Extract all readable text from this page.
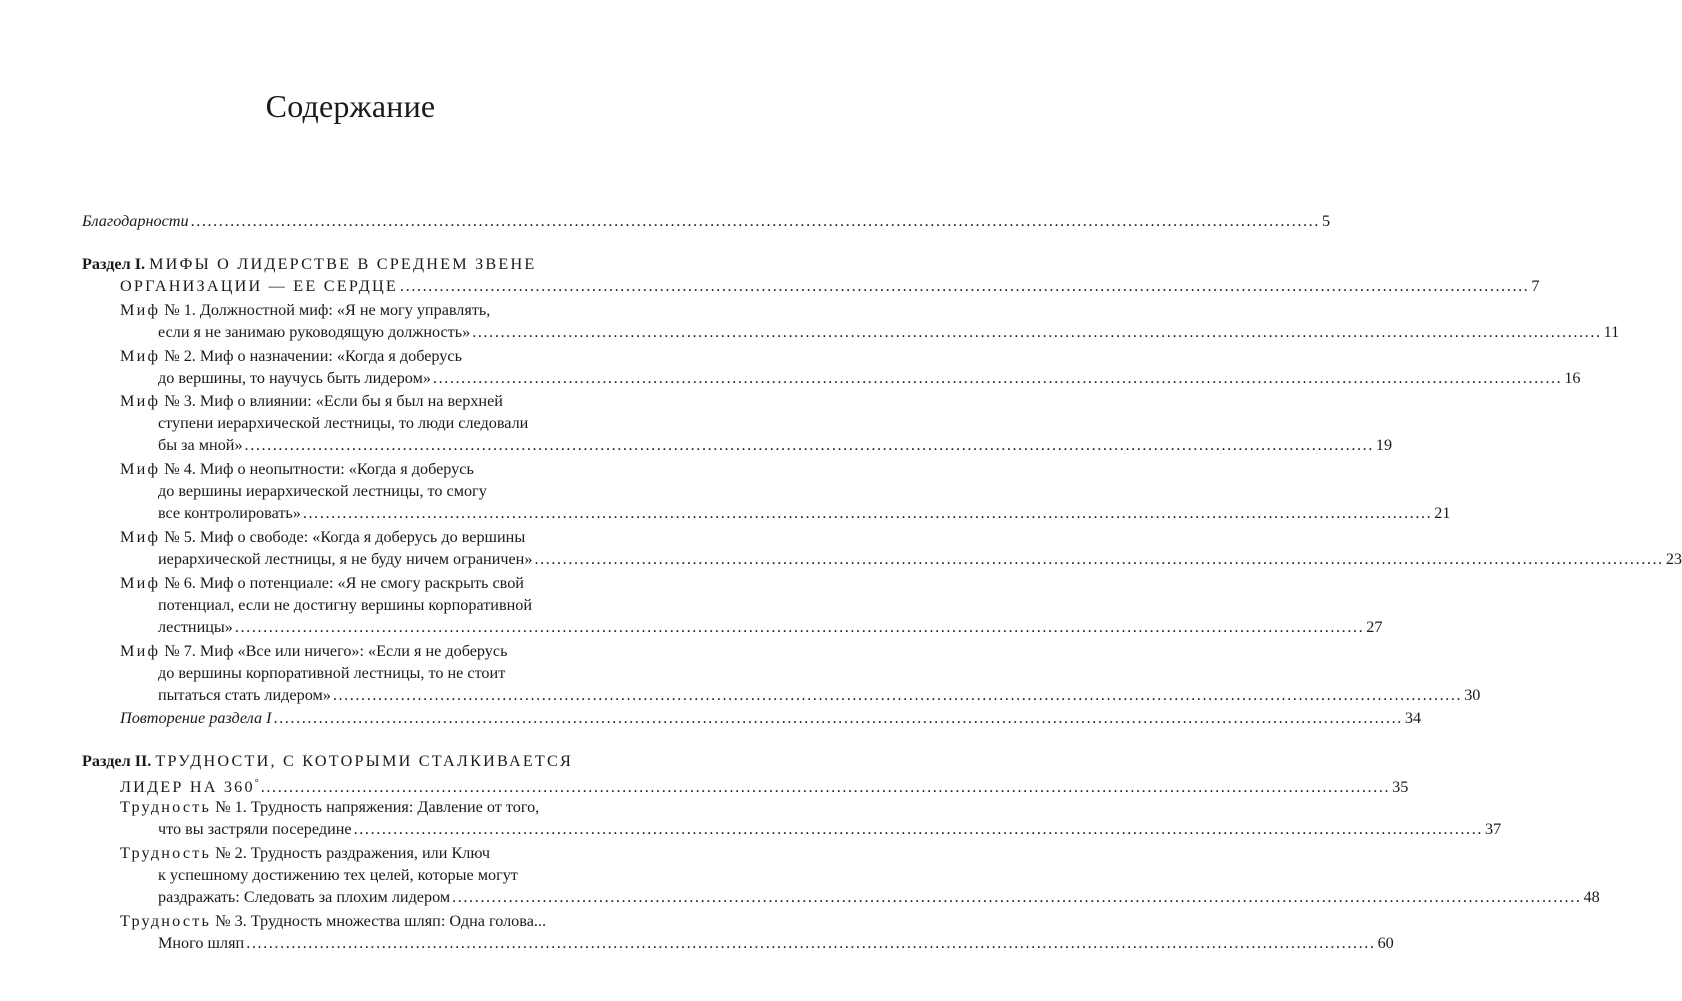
Содержание
Благодарности ........................................................................................................................................................................................................ 5
Раздел I. МИФЫ О ЛИДЕРСТВЕ В СРЕДНЕМ ЗВЕНЕ
ОРГАНИЗАЦИИ — ЕЕ СЕРДЦЕ ........................................................................................................................................................................................................ 7
Миф № 1. Должностной миф: «Я не могу управлять,
если я не занимаю руководящую должность» ........................................................................................................................................................................................................ 11
Миф № 2. Миф о назначении: «Когда я доберусь
до вершины, то научусь быть лидером» ........................................................................................................................................................................................................ 16
Миф № 3. Миф о влиянии: «Если бы я был на верхней
ступени иерархической лестницы, то люди следовали
бы за мной» ........................................................................................................................................................................................................ 19
Миф № 4. Миф о неопытности: «Когда я доберусь
до вершины иерархической лестницы, то смогу
все контролировать» ........................................................................................................................................................................................................ 21
Миф № 5. Миф о свободе: «Когда я доберусь до вершины
иерархической лестницы, я не буду ничем ограничен» ........................................................................................................................................................................................................ 23
Миф № 6. Миф о потенциале: «Я не смогу раскрыть свой
потенциал, если не достигну вершины корпоративной
лестницы» ........................................................................................................................................................................................................ 27
Миф № 7. Миф «Все или ничего»: «Если я не доберусь
до вершины корпоративной лестницы, то не стоит
пытаться стать лидером» ........................................................................................................................................................................................................ 30
Повторение раздела I ........................................................................................................................................................................................................ 34
Раздел II. ТРУДНОСТИ, С КОТОРЫМИ СТАЛКИВАЕТСЯ
ЛИДЕР НА 360° ........................................................................................................................................................................................................ 35
Трудность № 1. Трудность напряжения: Давление от того,
что вы застряли посередине ........................................................................................................................................................................................................ 37
Трудность № 2. Трудность раздражения, или Ключ
к успешному достижению тех целей, которые могут
раздражать: Следовать за плохим лидером ........................................................................................................................................................................................................ 48
Трудность № 3. Трудность множества шляп: Одна голова...
Много шляп ........................................................................................................................................................................................................ 60
